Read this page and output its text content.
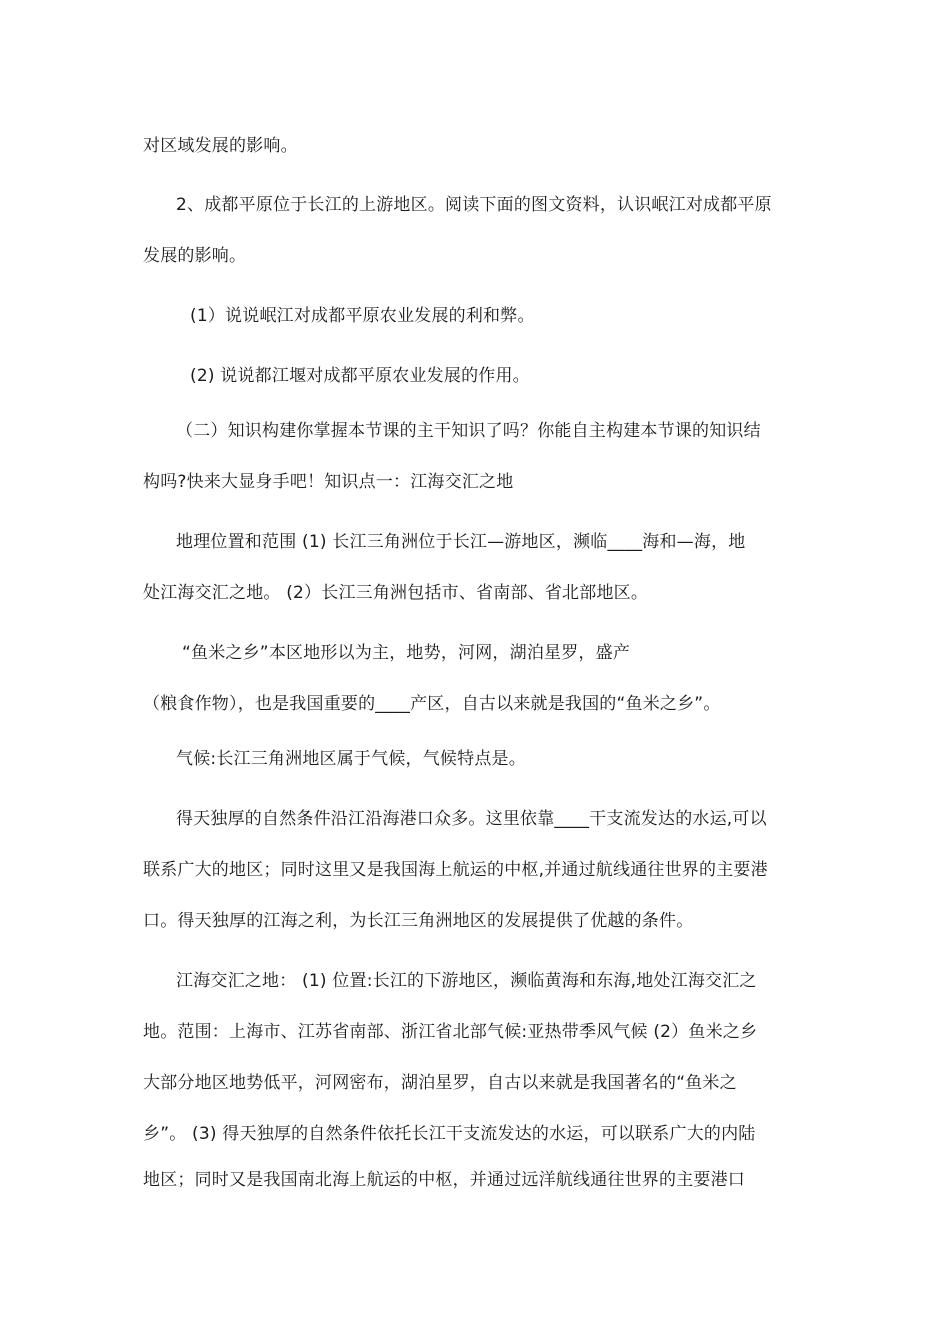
对区域发展的影响。
2、成都平原位于长江的上游地区。阅读下面的图文资料，认识岷江对成都平原
发展的影响。
(1）说说岷江对成都平原农业发展的利和弊。
(2) 说说都江堰对成都平原农业发展的作用。
（二）知识构建你掌握本节课的主干知识了吗？你能自主构建本节课的知识结
构吗?快来大显身手吧！知识点一：江海交汇之地
地理位置和范围 (1) 长江三角洲位于长江—游地区，濒临____海和—海，地
处江海交汇之地。 (2）长江三角洲包括市、省南部、省北部地区。
“鱼米之乡”本区地形以为主，地势，河网，湖泊星罗，盛产
（粮食作物），也是我国重要的____产区，自古以来就是我国的“鱼米之乡”。
气候:长江三角洲地区属于气候，气候特点是。
得天独厚的自然条件沿江沿海港口众多。这里依靠____干支流发达的水运,可以
联系广大的地区；同时这里又是我国海上航运的中枢,并通过航线通往世界的主要港
口。得天独厚的江海之利，为长江三角洲地区的发展提供了优越的条件。
江海交汇之地： (1) 位置:长江的下游地区，濒临黄海和东海,地处江海交汇之
地。范围：上海市、江苏省南部、浙江省北部气候:亚热带季风气候 (2）鱼米之乡
大部分地区地势低平，河网密布，湖泊星罗，自古以来就是我国著名的“鱼米之
乡”。 (3) 得天独厚的自然条件依托长江干支流发达的水运，可以联系广大的内陆
地区；同时又是我国南北海上航运的中枢，并通过远洋航线通往世界的主要港口
